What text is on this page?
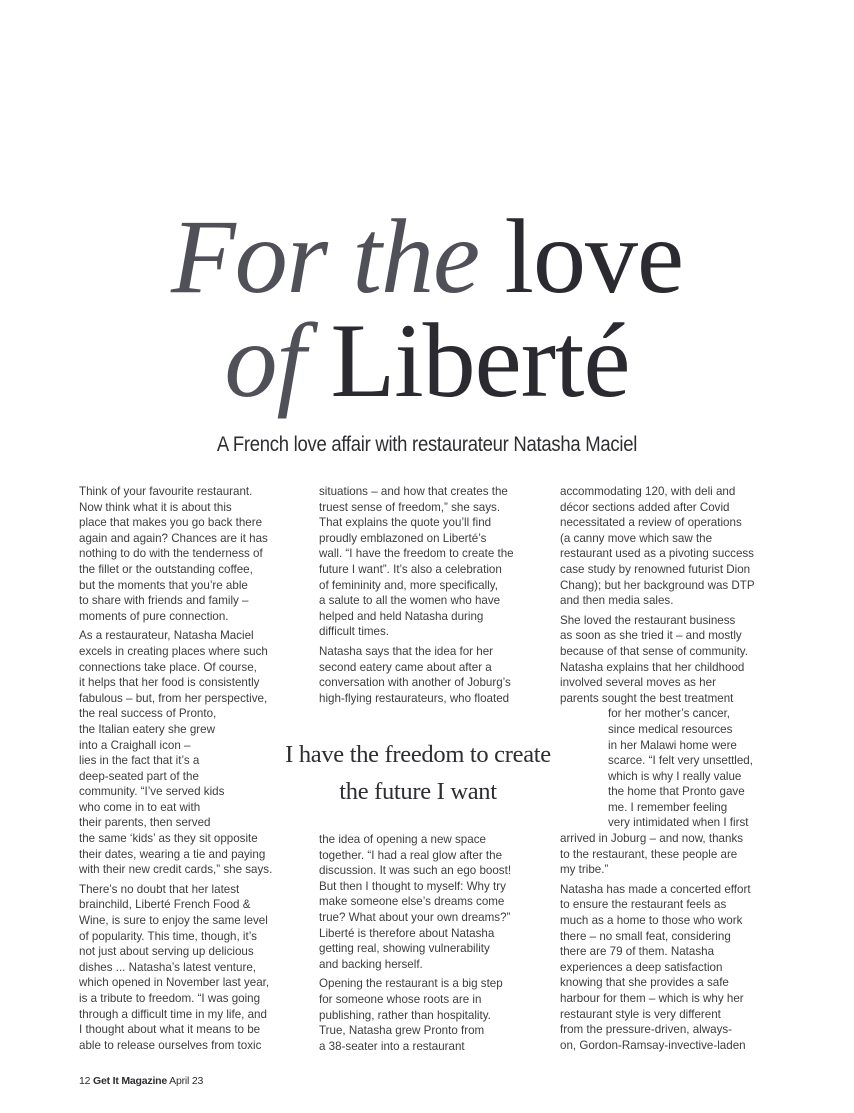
For the love
of Liberté
A French love affair with restaurateur Natasha Maciel

Think of your favourite restaurant.
Now think what it is about this
place that makes you go back there
again and again? Chances are it has
nothing to do with the tenderness of
the fillet or the outstanding coffee,
but the moments that you’re able
to share with friends and family –
moments of pure connection.

As a restaurateur, Natasha Maciel
excels in creating places where such
connections take place. Of course,
it helps that her food is consistently
fabulous – but, from her perspective,
the real success of Pronto,
the Italian eatery she grew
into a Craighall icon –
lies in the fact that it’s a
deep-seated part of the
community. “I’ve served kids
who come in to eat with
their parents, then served
the same ‘kids’ as they sit opposite
their dates, wearing a tie and paying
with their new credit cards,” she says.

There’s no doubt that her latest
brainchild, Liberté French Food &
Wine, is sure to enjoy the same level
of popularity. This time, though, it’s
not just about serving up delicious
dishes ... Natasha’s latest venture,
which opened in November last year,
is a tribute to freedom. “I was going
through a difficult time in my life, and
I thought about what it means to be
able to release ourselves from toxic

situations – and how that creates the
truest sense of freedom,” she says.
That explains the quote you’ll find
proudly emblazoned on Liberté’s
wall. “I have the freedom to create the
future I want”. It’s also a celebration
of femininity and, more specifically,
a salute to all the women who have
helped and held Natasha during
difficult times.

Natasha says that the idea for her
second eatery came about after a
conversation with another of Joburg’s
high-flying restaurateurs, who floated

I have the freedom to create
the future I want

the idea of opening a new space
together. “I had a real glow after the
discussion. It was such an ego boost!
But then I thought to myself: Why try
make someone else’s dreams come
true? What about your own dreams?”
Liberté is therefore about Natasha
getting real, showing vulnerability
and backing herself.

Opening the restaurant is a big step
for someone whose roots are in
publishing, rather than hospitality.
True, Natasha grew Pronto from
a 38-seater into a restaurant

accommodating 120, with deli and
décor sections added after Covid
necessitated a review of operations
(a canny move which saw the
restaurant used as a pivoting success
case study by renowned futurist Dion
Chang); but her background was DTP
and then media sales.

She loved the restaurant business
as soon as she tried it – and mostly
because of that sense of community.
Natasha explains that her childhood
involved several moves as her
parents sought the best treatment
for her mother’s cancer,
since medical resources
in her Malawi home were
scarce. “I felt very unsettled,
which is why I really value
the home that Pronto gave
me. I remember feeling
very intimidated when I first
arrived in Joburg – and now, thanks
to the restaurant, these people are
my tribe.”

Natasha has made a concerted effort
to ensure the restaurant feels as
much as a home to those who work
there – no small feat, considering
there are 79 of them. Natasha
experiences a deep satisfaction
knowing that she provides a safe
harbour for them – which is why her
restaurant style is very different
from the pressure-driven, always-
on, Gordon-Ramsay-invective-laden

12 Get It Magazine April 23
